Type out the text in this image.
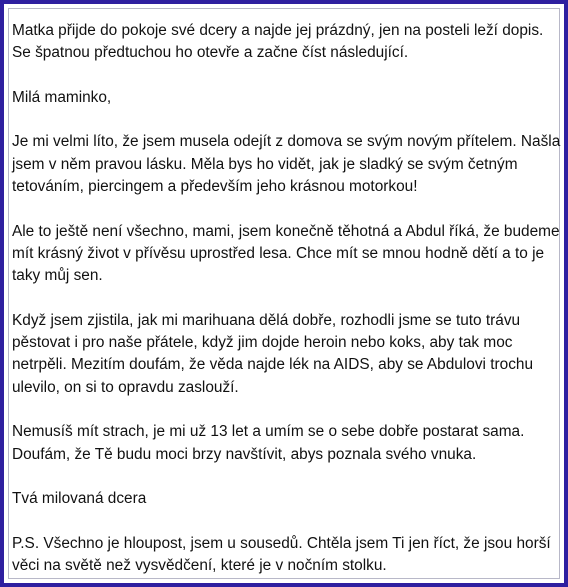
Matka přijde do pokoje své dcery a najde jej prázdný, jen na posteli leží dopis.
Se špatnou předtuchou ho otevře a začne číst následující.

Milá maminko,

Je mi velmi líto, že jsem musela odejít z domova se svým novým přítelem. Našla
jsem v něm pravou lásku. Měla bys ho vidět, jak je sladký se svým četným
tetováním, piercingem a především jeho krásnou motorkou!

Ale to ještě není všechno, mami, jsem konečně těhotná a Abdul říká, že budeme
mít krásný život v přívěsu uprostřed lesa. Chce mít se mnou hodně dětí a to je
taky můj sen.

Když jsem zjistila, jak mi marihuana dělá dobře, rozhodli jsme se tuto trávu
pěstovat i pro naše přátele, když jim dojde heroin nebo koks, aby tak moc
netrpěli. Mezitím doufám, že věda najde lék na AIDS, aby se Abdulovi trochu
ulevilo, on si to opravdu zaslouží.

Nemusíš mít strach, je mi už 13 let a umím se o sebe dobře postarat sama.
Doufám, že Tě budu moci brzy navštívit, abys poznala svého vnuka.

Tvá milovaná dcera

P.S. Všechno je hloupost, jsem u sousedů. Chtěla jsem Ti jen říct, že jsou horší
věci na světě než vysvědčení, které je v nočním stolku.
